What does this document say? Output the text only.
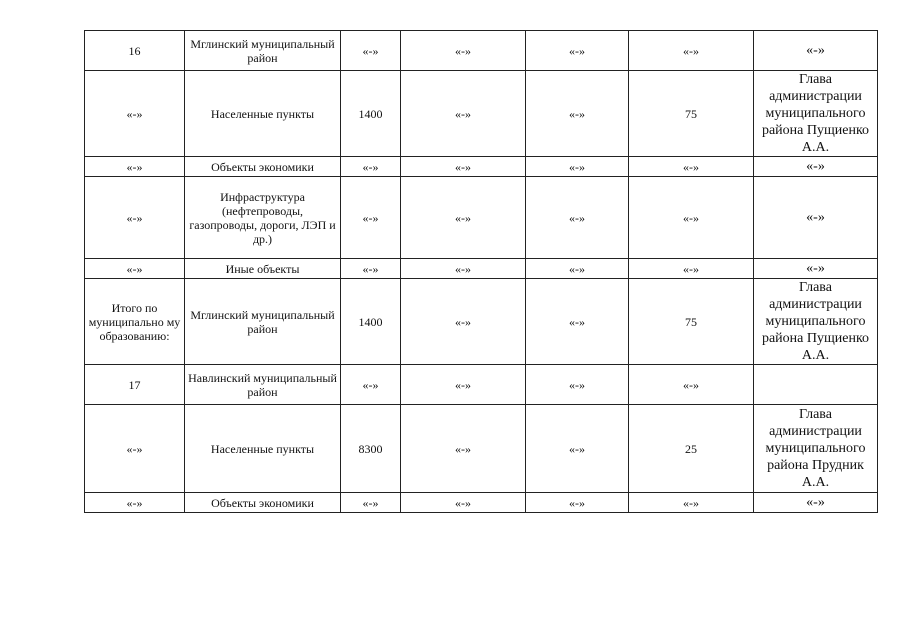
16	Мглинский муниципальный район	«-»	«-»	«-»	«-»	«-»
«-»	Населенные пункты	1400	«-»	«-»	75	Глава администрации муниципального района Пущиенко А.А.
«-»	Объекты экономики	«-»	«-»	«-»	«-»	«-»
«-»	Инфраструктура (нефтепроводы, газопроводы, дороги, ЛЭП и др.)	«-»	«-»	«-»	«-»	«-»
«-»	Иные объекты	«-»	«-»	«-»	«-»	«-»
Итого по муниципально му образованию:	Мглинский муниципальный район	1400	«-»	«-»	75	Глава администрации муниципального района Пущиенко А.А.
17	Навлинский муниципальный район	«-»	«-»	«-»	«-»	
«-»	Населенные пункты	8300	«-»	«-»	25	Глава администрации муниципального района Прудник А.А.
«-»	Объекты экономики	«-»	«-»	«-»	«-»	«-»
